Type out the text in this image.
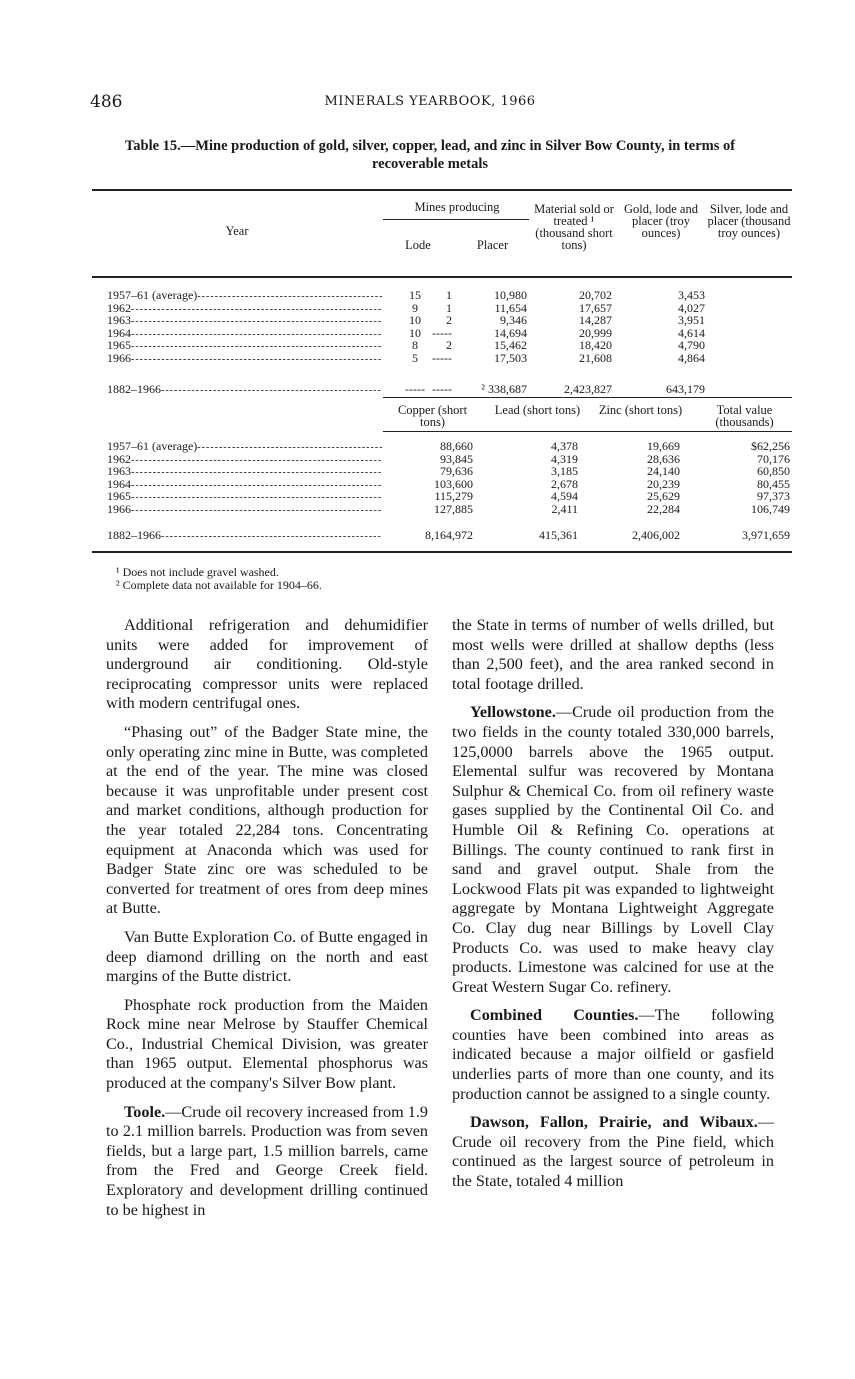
486	MINERALS YEARBOOK, 1966
Table 15.—Mine production of gold, silver, copper, lead, and zinc in Silver Bow County, in terms of recoverable metals
Year
Mines producing
Lode	Placer
Material sold or treated ¹ (thousand short tons)
Gold, lode and placer (troy ounces)
Silver, lode and placer (thousand troy ounces)
1957–61 (average) -----	15	1	10,980	20,702	3,453
1962 -----	9	1	11,654	17,657	4,027
1963 -----	10	2	9,346	14,287	3,951
1964 -----	10 -----	14,694	20,999	4,614
1965 -----	8	2	15,462	18,420	4,790
1966 -----	5	-----	17,503	21,608	4,864
1882–1966 -----	----- -----	² 338,687	2,423,827	643,179
Copper (short tons)
Lead (short tons)	Zinc (short tons)	Total value (thousands)
1957–61 (average) -----	88,660	4,378	19,669	$62,256
1962 -----	93,845	4,319	28,636	70,176
1963 -----	79,636	3,185	24,140	60,850
1964 -----	103,600	2,678	20,239	80,455
1965 -----	115,279	4,594	25,629	97,373
1966 -----	127,885	2,411	22,284	106,749
1882–1966 -----	8,164,972	415,361	2,406,002	3,971,659
¹ Does not include gravel washed.
² Complete data not available for 1904–66.

Additional refrigeration and dehumidifier units were added for improvement of underground air conditioning. Old-style reciprocating compressor units were replaced with modern centrifugal ones.

“Phasing out” of the Badger State mine, the only operating zinc mine in Butte, was completed at the end of the year. The mine was closed because it was unprofitable under present cost and market conditions, although production for the year totaled 22,284 tons. Concentrating equipment at Anaconda which was used for Badger State zinc ore was scheduled to be converted for treatment of ores from deep mines at Butte.

Van Butte Exploration Co. of Butte engaged in deep diamond drilling on the north and east margins of the Butte district.

Phosphate rock production from the Maiden Rock mine near Melrose by Stauffer Chemical Co., Industrial Chemical Division, was greater than 1965 output. Elemental phosphorus was produced at the company's Silver Bow plant.

Toole.—Crude oil recovery increased from 1.9 to 2.1 million barrels. Production was from seven fields, but a large part, 1.5 million barrels, came from the Fred and George Creek field. Exploratory and development drilling continued to be highest in

the State in terms of number of wells drilled, but most wells were drilled at shallow depths (less than 2,500 feet), and the area ranked second in total footage drilled.

Yellowstone.—Crude oil production from the two fields in the county totaled 330,000 barrels, 125,0000 barrels above the 1965 output. Elemental sulfur was recovered by Montana Sulphur & Chemical Co. from oil refinery waste gases supplied by the Continental Oil Co. and Humble Oil & Refining Co. operations at Billings. The county continued to rank first in sand and gravel output. Shale from the Lockwood Flats pit was expanded to lightweight aggregate by Montana Lightweight Aggregate Co. Clay dug near Billings by Lovell Clay Products Co. was used to make heavy clay products. Limestone was calcined for use at the Great Western Sugar Co. refinery.

Combined Counties.—The following counties have been combined into areas as indicated because a major oilfield or gasfield underlies parts of more than one county, and its production cannot be assigned to a single county.

Dawson, Fallon, Prairie, and Wibaux.— Crude oil recovery from the Pine field, which continued as the largest source of petroleum in the State, totaled 4 million
